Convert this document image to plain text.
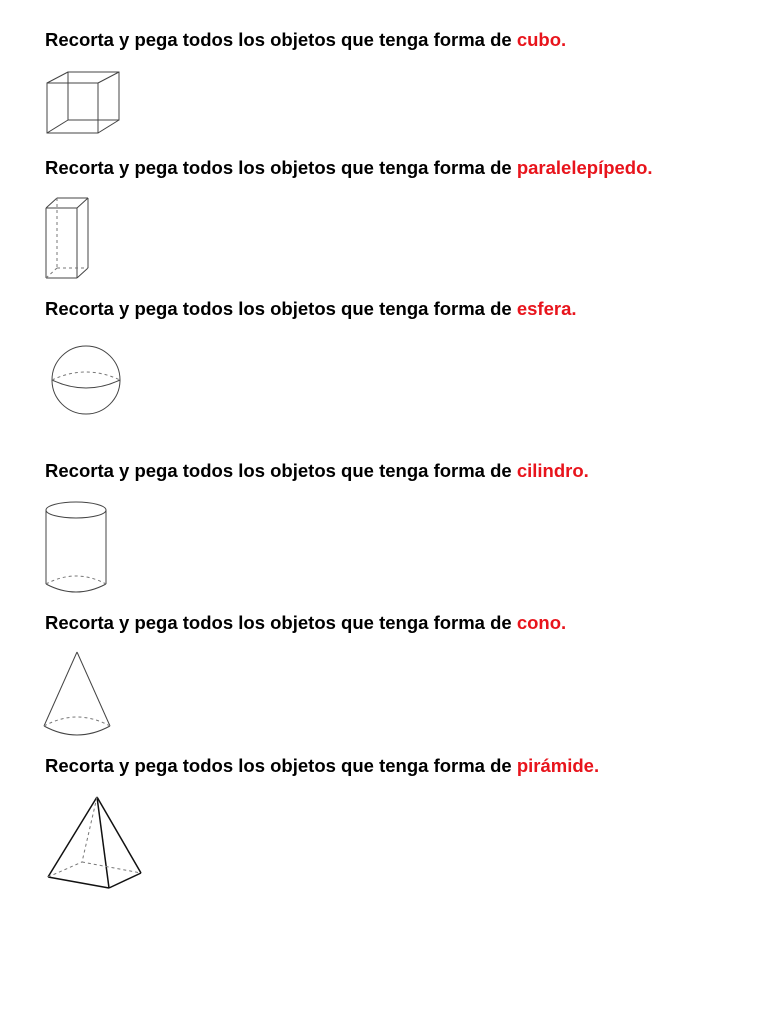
Recorta y pega todos los objetos que tenga forma de cubo.

Recorta y pega todos los objetos que tenga forma de paralelepípedo.

Recorta y pega todos los objetos que tenga forma de esfera.

Recorta y pega todos los objetos que tenga forma de cilindro.

Recorta y pega todos los objetos que tenga forma de cono.

Recorta y pega todos los objetos que tenga forma de pirámide.
